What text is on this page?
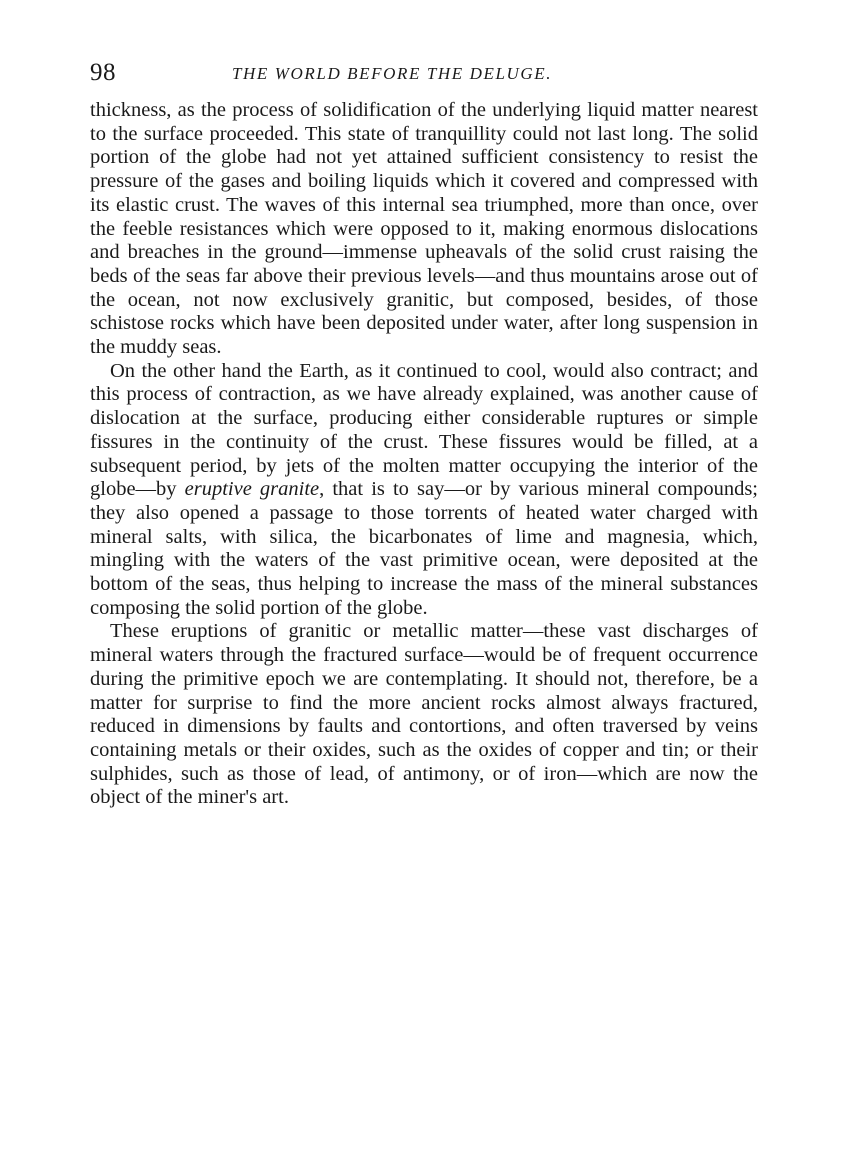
98	THE WORLD BEFORE THE DELUGE.

thickness, as the process of solidification of the underlying liquid matter nearest to the surface proceeded. This state of tranquillity could not last long. The solid portion of the globe had not yet attained sufficient consistency to resist the pressure of the gases and boiling liquids which it covered and compressed with its elastic crust. The waves of this internal sea triumphed, more than once, over the feeble resistances which were opposed to it, making enormous dislocations and breaches in the ground—immense upheavals of the solid crust raising the beds of the seas far above their previous levels—and thus mountains arose out of the ocean, not now exclusively granitic, but composed, besides, of those schistose rocks which have been deposited under water, after long suspension in the muddy seas.

On the other hand the Earth, as it continued to cool, would also contract; and this process of contraction, as we have already explained, was another cause of dislocation at the surface, producing either considerable ruptures or simple fissures in the continuity of the crust. These fissures would be filled, at a subsequent period, by jets of the molten matter occupying the interior of the globe—by eruptive granite, that is to say—or by various mineral compounds; they also opened a passage to those torrents of heated water charged with mineral salts, with silica, the bicarbonates of lime and magnesia, which, mingling with the waters of the vast primitive ocean, were deposited at the bottom of the seas, thus helping to increase the mass of the mineral substances composing the solid portion of the globe.

These eruptions of granitic or metallic matter—these vast discharges of mineral waters through the fractured surface—would be of frequent occurrence during the primitive epoch we are contemplating. It should not, therefore, be a matter for surprise to find the more ancient rocks almost always fractured, reduced in dimensions by faults and contortions, and often traversed by veins containing metals or their oxides, such as the oxides of copper and tin; or their sulphides, such as those of lead, of antimony, or of iron—which are now the object of the miner's art.
